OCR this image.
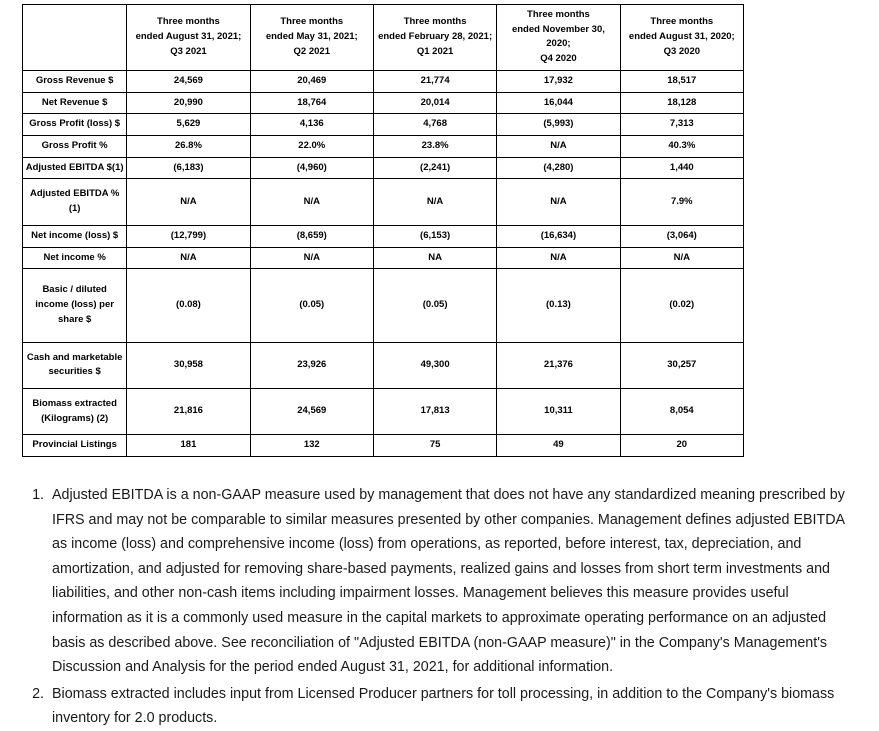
	Three months
ended August 31, 2021;
Q3 2021	Three months
ended May 31, 2021;
Q2 2021	Three months
ended February 28, 2021;
Q1 2021	Three months
ended November 30, 2020;
Q4 2020	Three months
ended August 31, 2020;
Q3 2020
Gross Revenue $	24,569	20,469	21,774	17,932	18,517
Net Revenue $	20,990	18,764	20,014	16,044	18,128
Gross Profit (loss) $	5,629	4,136	4,768	(5,993)	7,313
Gross Profit %	26.8%	22.0%	23.8%	N/A	40.3%
Adjusted EBITDA $(1)	(6,183)	(4,960)	(2,241)	(4,280)	1,440
Adjusted EBITDA %(1)	N/A	N/A	N/A	N/A	7.9%
Net income (loss) $	(12,799)	(8,659)	(6,153)	(16,634)	(3,064)
Net income %	N/A	N/A	NA	N/A	N/A
Basic / diluted income (loss) per share $	(0.08)	(0.05)	(0.05)	(0.13)	(0.02)
Cash and marketable securities $	30,958	23,926	49,300	21,376	30,257
Biomass extracted (Kilograms) (2)	21,816	24,569	17,813	10,311	8,054
Provincial Listings	181	132	75	49	20
1. Adjusted EBITDA is a non-GAAP measure used by management that does not have any standardized meaning prescribed by IFRS and may not be comparable to similar measures presented by other companies. Management defines adjusted EBITDA as income (loss) and comprehensive income (loss) from operations, as reported, before interest, tax, depreciation, and amortization, and adjusted for removing share-based payments, realized gains and losses from short term investments and liabilities, and other non-cash items including impairment losses. Management believes this measure provides useful information as it is a commonly used measure in the capital markets to approximate operating performance on an adjusted basis as described above. See reconciliation of "Adjusted EBITDA (non-GAAP measure)" in the Company's Management's Discussion and Analysis for the period ended August 31, 2021, for additional information.
2. Biomass extracted includes input from Licensed Producer partners for toll processing, in addition to the Company's biomass inventory for 2.0 products.
